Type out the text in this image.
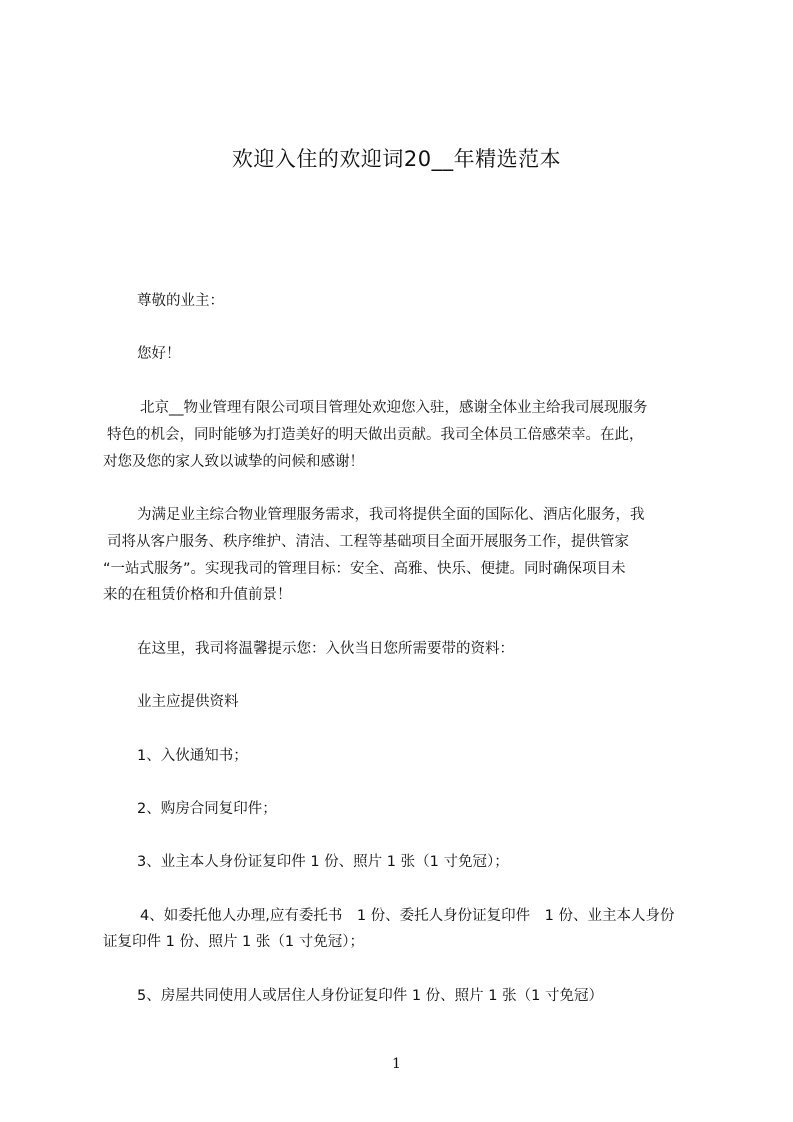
欢迎入住的欢迎词20__年精选范本

尊敬的业主：

您好！

北京__物业管理有限公司项目管理处欢迎您入驻，感谢全体业主给我司展现服务

特色的机会，同时能够为打造美好的明天做出贡献。我司全体员工倍感荣幸。在此，

对您及您的家人致以诚挚的问候和感谢！

为满足业主综合物业管理服务需求，我司将提供全面的国际化、酒店化服务，我

司将从客户服务、秩序维护、清洁、工程等基础项目全面开展服务工作，提供管家

“一站式服务”。实现我司的管理目标：安全、高雅、快乐、便捷。同时确保项目未

来的在租赁价格和升值前景！

在这里，我司将温馨提示您：入伙当日您所需要带的资料：

业主应提供资料

1、入伙通知书；

2、购房合同复印件；

3、业主本人身份证复印件 1 份、照片 1 张（1 寸免冠）；

4、如委托他人办理,应有委托书　1 份、委托人身份证复印件　1 份、业主本人身份

证复印件 1 份、照片 1 张（1 寸免冠）；

5、房屋共同使用人或居住人身份证复印件 1 份、照片 1 张（1 寸免冠）

1
